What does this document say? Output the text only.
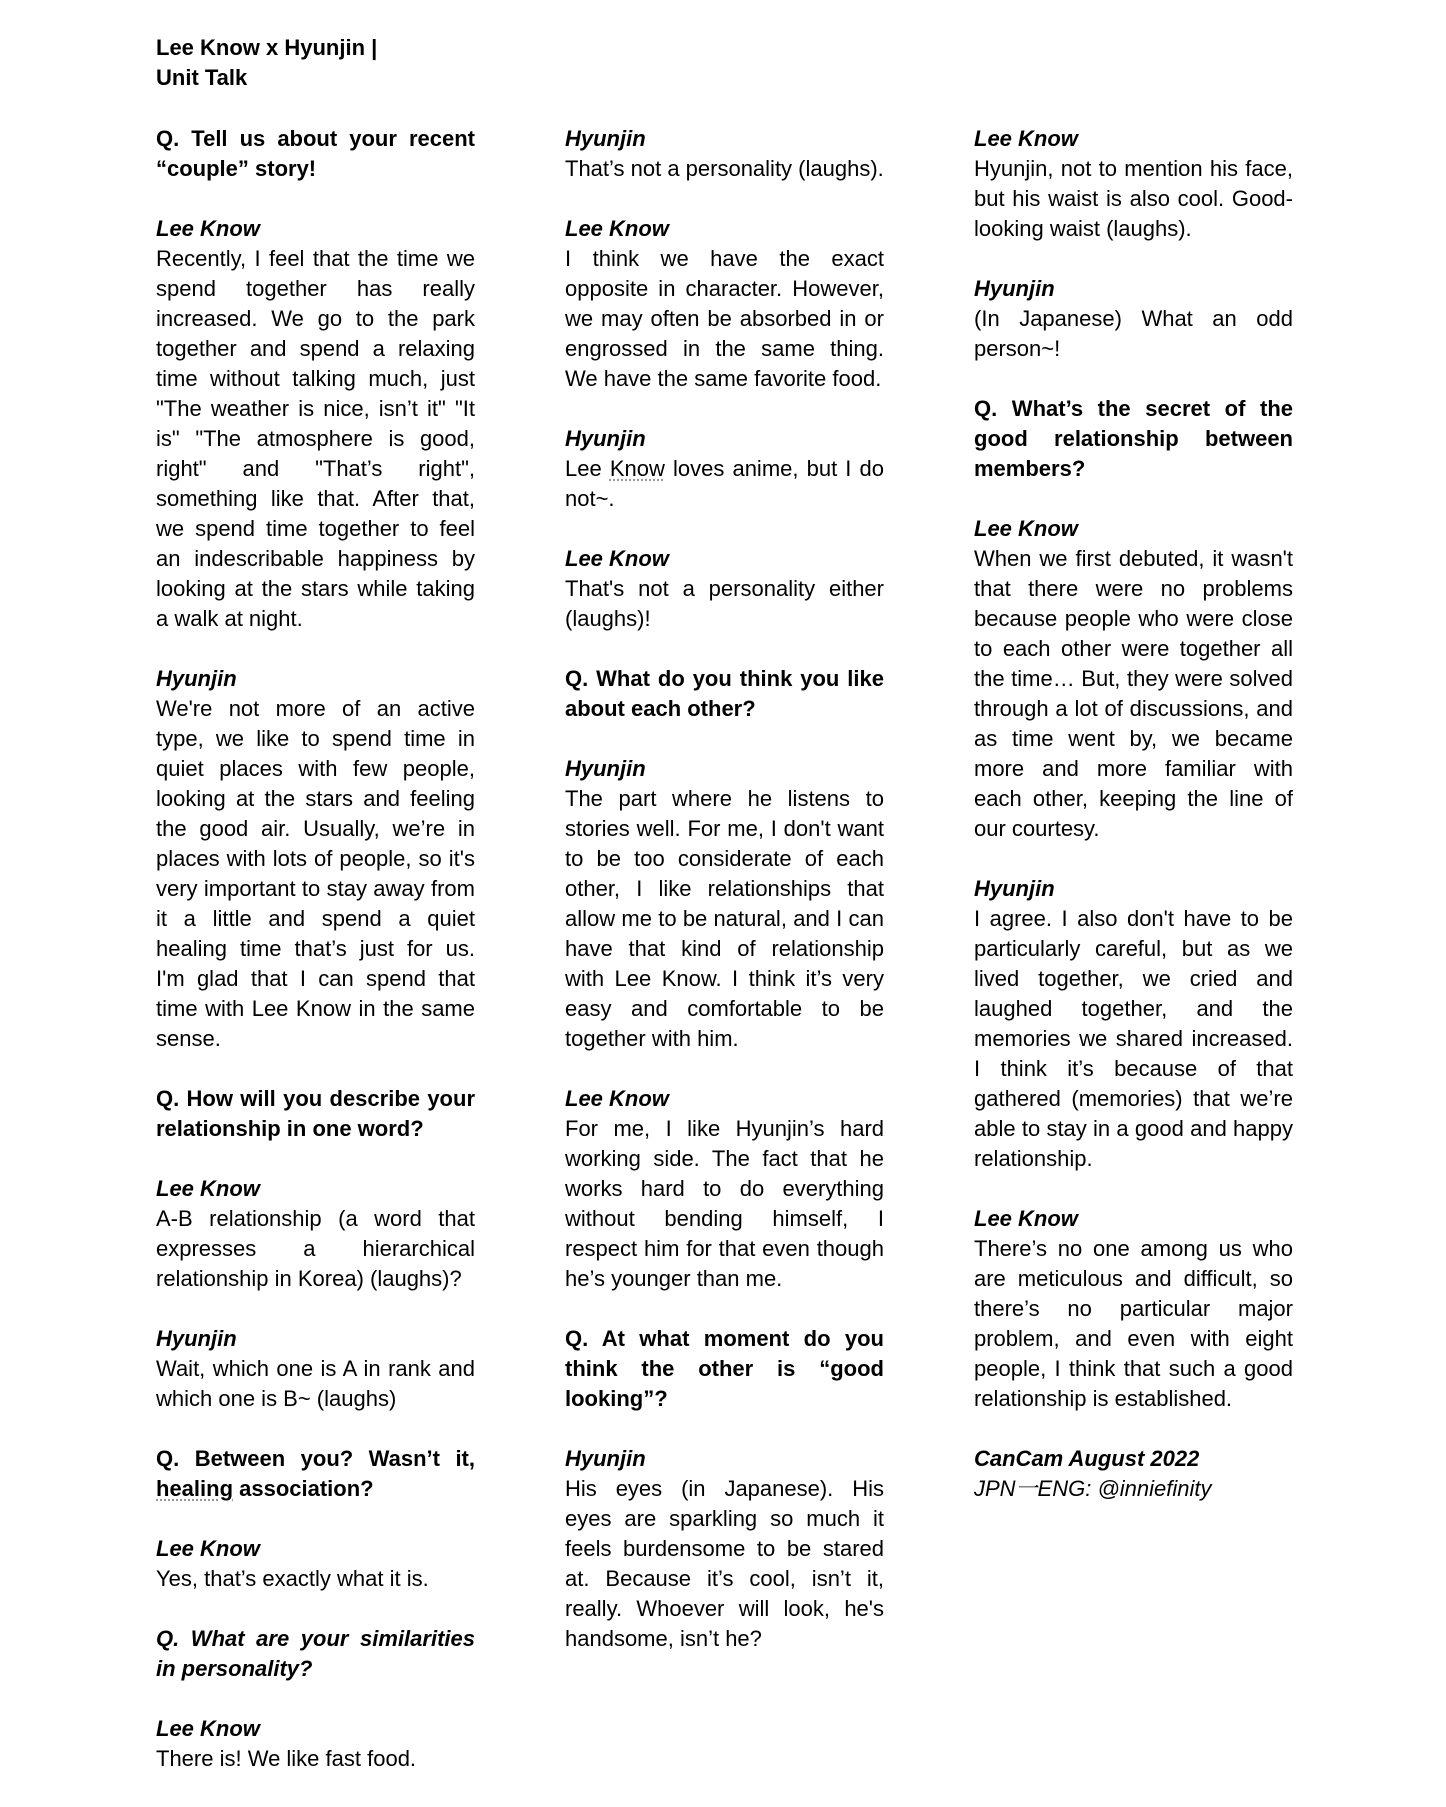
Lee Know x Hyunjin |
Unit Talk

Q. Tell us about your recent “couple” story!

Lee Know

Recently, I feel that the time we spend together has really increased. We go to the park together and spend a relaxing time without talking much, just "The weather is nice, isn’t it" "It is" "The atmosphere is good, right" and "That’s right", something like that. After that, we spend time together to feel an indescribable happiness by looking at the stars while taking a walk at night.

Hyunjin

We're not more of an active type, we like to spend time in quiet places with few people, looking at the stars and feeling the good air. Usually, we’re in places with lots of people, so it's very important to stay away from it a little and spend a quiet healing time that’s just for us. I'm glad that I can spend that time with Lee Know in the same sense.

Q. How will you describe your relationship in one word?

Lee Know

A-B relationship (a word that expresses a hierarchical relationship in Korea) (laughs)?

Hyunjin

Wait, which one is A in rank and which one is B~ (laughs)

Q. Between you? Wasn’t it, healing association?

Lee Know

Yes, that’s exactly what it is.

Q. What are your similarities in personality?

Lee Know

There is! We like fast food.

Hyunjin

That’s not a personality (laughs).

Lee Know

I think we have the exact opposite in character. However, we may often be absorbed in or engrossed in the same thing. We have the same favorite food.

Hyunjin

Lee Know loves anime, but I do not~.

Lee Know

That's not a personality either (laughs)!

Q. What do you think you like about each other?

Hyunjin

The part where he listens to stories well. For me, I don't want to be too considerate of each other, I like relationships that allow me to be natural, and I can have that kind of relationship with Lee Know. I think it’s very easy and comfortable to be together with him.

Lee Know

For me, I like Hyunjin’s hard working side. The fact that he works hard to do everything without bending himself, I respect him for that even though he’s younger than me.

Q. At what moment do you think the other is “good looking”?

Hyunjin

His eyes (in Japanese). His eyes are sparkling so much it feels burdensome to be stared at. Because it’s cool, isn’t it, really. Whoever will look, he's handsome, isn’t he?

Lee Know

Hyunjin, not to mention his face, but his waist is also cool. Good-looking waist (laughs).

Hyunjin

(In Japanese) What an odd person~!

Q. What’s the secret of the good relationship between members?

Lee Know

When we first debuted, it wasn't that there were no problems because people who were close to each other were together all the time… But, they were solved through a lot of discussions, and as time went by, we became more and more familiar with each other, keeping the line of our courtesy.

Hyunjin

I agree. I also don't have to be particularly careful, but as we lived together, we cried and laughed together, and the memories we shared increased. I think it’s because of that gathered (memories) that we’re able to stay in a good and happy relationship.

Lee Know

There’s no one among us who are meticulous and difficult, so there’s no particular major problem, and even with eight people, I think that such a good relationship is established.

CanCam August 2022

JPN一ENG: @inniefinity
